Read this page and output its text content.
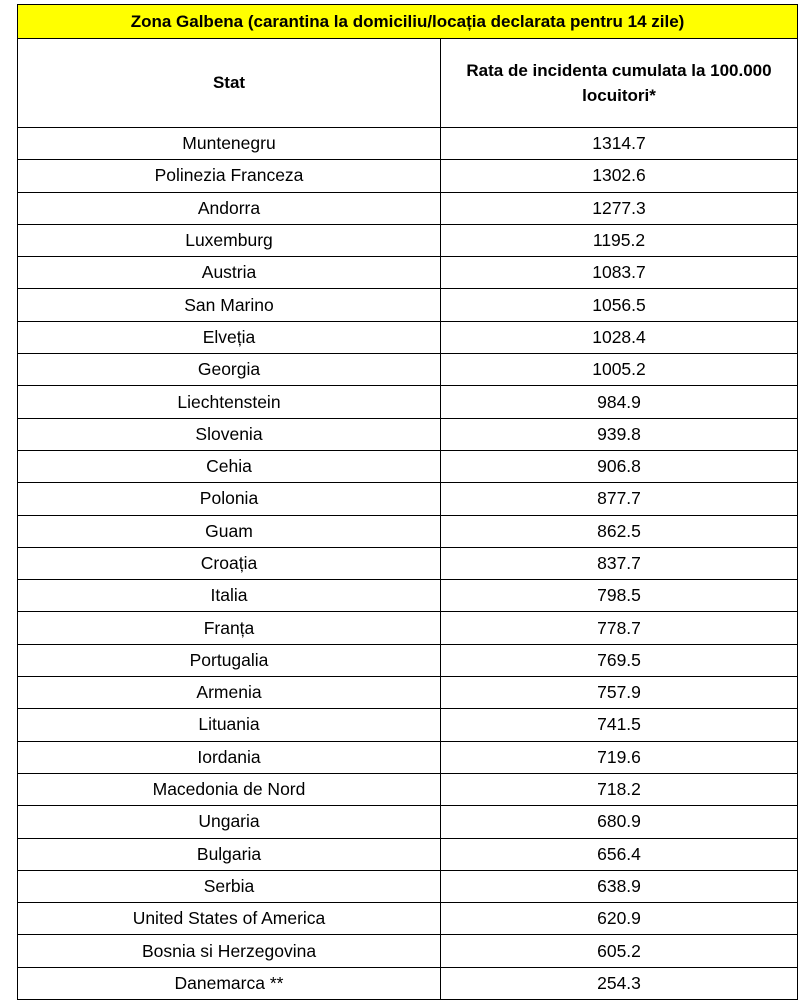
Zona Galbena (carantina la domiciliu/locația declarata pentru 14 zile)	
Stat	Rata de incidenta cumulata la 100.000 locuitori*
Muntenegru	1314.7
Polinezia Franceza	1302.6
Andorra	1277.3
Luxemburg	1195.2
Austria	1083.7
San Marino	1056.5
Elveția	1028.4
Georgia	1005.2
Liechtenstein	984.9
Slovenia	939.8
Cehia	906.8
Polonia	877.7
Guam	862.5
Croația	837.7
Italia	798.5
Franța	778.7
Portugalia	769.5
Armenia	757.9
Lituania	741.5
Iordania	719.6
Macedonia de Nord	718.2
Ungaria	680.9
Bulgaria	656.4
Serbia	638.9
United States of America	620.9
Bosnia si Herzegovina	605.2
Danemarca **	254.3
